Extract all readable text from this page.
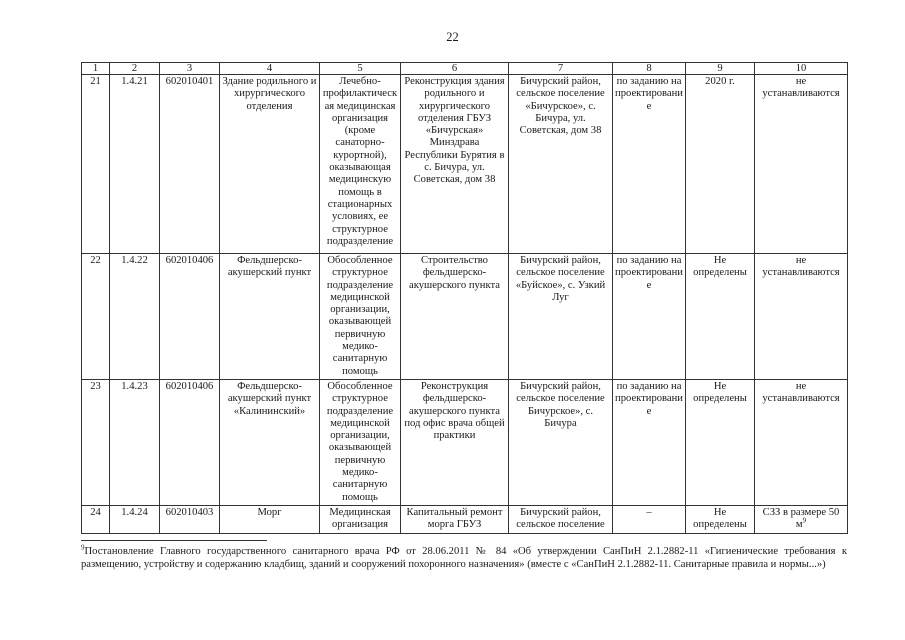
22
1	2	3	4	5	6	7	8	9	10
21	1.4.21	602010401	Здание родильного и хирургического отделения	Лечебно-профилактическая медицинская организация (кроме санаторно-курортной), оказывающая медицинскую помощь в стационарных условиях, ее структурное подразделение	Реконструкция здания родильного и хирургического отделения ГБУЗ «Бичурская» Минздрава Республики Бурятия в с. Бичура, ул. Советская, дом 38	Бичурский район, сельское поселение «Бичурское», с. Бичура, ул. Советская, дом 38	по заданию на проектирование	2020 г.	не устанавливаются
22	1.4.22	602010406	Фельдшерско-акушерский пункт	Обособленное структурное подразделение медицинской организации, оказывающей первичную медико-санитарную помощь	Строительство фельдшерско-акушерского пункта	Бичурский район, сельское поселение «Буйское», с. Узкий Луг	по заданию на проектирование	Не определены	не устанавливаются
23	1.4.23	602010406	Фельдшерско-акушерский пункт «Калининский»	Обособленное структурное подразделение медицинской организации, оказывающей первичную медико-санитарную помощь	Реконструкция фельдшерско-акушерского пункта под офис врача общей практики	Бичурский район, сельское поселение Бичурское», с. Бичура	по заданию на проектирование	Не определены	не устанавливаются
24	1.4.24	602010403	Морг	Медицинская организация	Капитальный ремонт морга ГБУЗ	Бичурский район, сельское поселение	–	Не определены	СЗЗ в размере 50 $м^9$
$^9$Постановление Главного государственного санитарного врача РФ от 28.06.2011 № 84 «Об утверждении СанПиН 2.1.2882-11 «Гигиенические требования к размещению, устройству и содержанию кладбищ, зданий и сооружений похоронного назначения» (вместе с «СанПиН 2.1.2882-11. Санитарные правила и нормы...»)
